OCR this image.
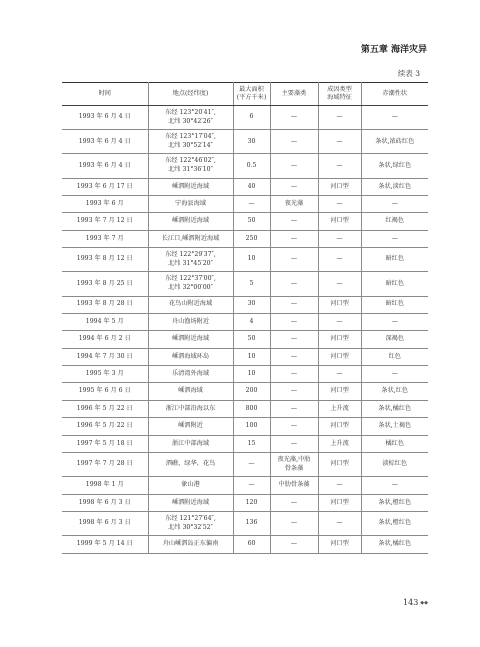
第五章 海洋灾异
续表 3
时间	地点(经纬度)	最大面积
(平方千米)	主要藻类	成因类型
海域特征	赤潮性状
1993 年 6 月 4 日	东经 123°20′41″,
北纬 30°42′26″	6	—	—	—
1993 年 6 月 4 日	东经 123°17′04″,
北纬 30°52′14″	30	—	—	条状,浓砖红色
1993 年 6 月 4 日	东经 122°46′02″,
北纬 31°36′10″	0.5	—	—	条状,绿红色
1993 年 6 月 17 日	嵊泗附近海域	40	—	河口型	条状,淡红色
1993 年 6 月	宁海县海域	—	夜光藻	—	—
1993 年 7 月 12 日	嵊泗附近海域	50	—	河口型	红褐色
1993 年 7 月	长江口,嵊泗附近海域	250	—	—	—
1993 年 8 月 12 日	东经 122°29′37″,
北纬 31°45′20″	10	—	—	暗红色
1993 年 8 月 25 日	东经 122°37′00″,
北纬 32°00′00″	5	—	—	暗红色
1993 年 8 月 28 日	花鸟山附近海域	30	—	河口型	暗红色
1994 年 5 月	舟山渔场附近	4	—	—	—
1994 年 6 月 2 日	嵊泗附近海域	50	—	河口型	深褐色
1994 年 7 月 30 日	嵊泗海域环岛	10	—	河口型	红色
1995 年 3 月	乐清湾外海域	10	—	—	—
1995 年 6 月 6 日	嵊泗海域	200	—	河口型	条状,红色
1996 年 5 月 22 日	浙江中部沿海以东	800	—	上升流	条状,橘红色
1996 年 5 月 22 日	嵊泗附近	100	—	河口型	条状,土褐色
1997 年 5 月 18 日	浙江中部海域	15	—	上升流	橘红色
1997 年 7 月 28 日	泗礁、绿华、花鸟	—	夜光藻,中肋
骨条藻	河口型	淡棕红色
1998 年 1 月	象山港	—	中肋骨条藻	—	—
1998 年 6 月 3 日	嵊泗附近海域	120	—	河口型	条状,橙红色
1998 年 6 月 3 日	东经 121°27′64″,
北纬 30°32′52″	136	—	—	条状,橙红色
1999 年 5 月 14 日	舟山嵊泗岛正东偏南	60	—	河口型	条状,橘红色
143 ◆◆
